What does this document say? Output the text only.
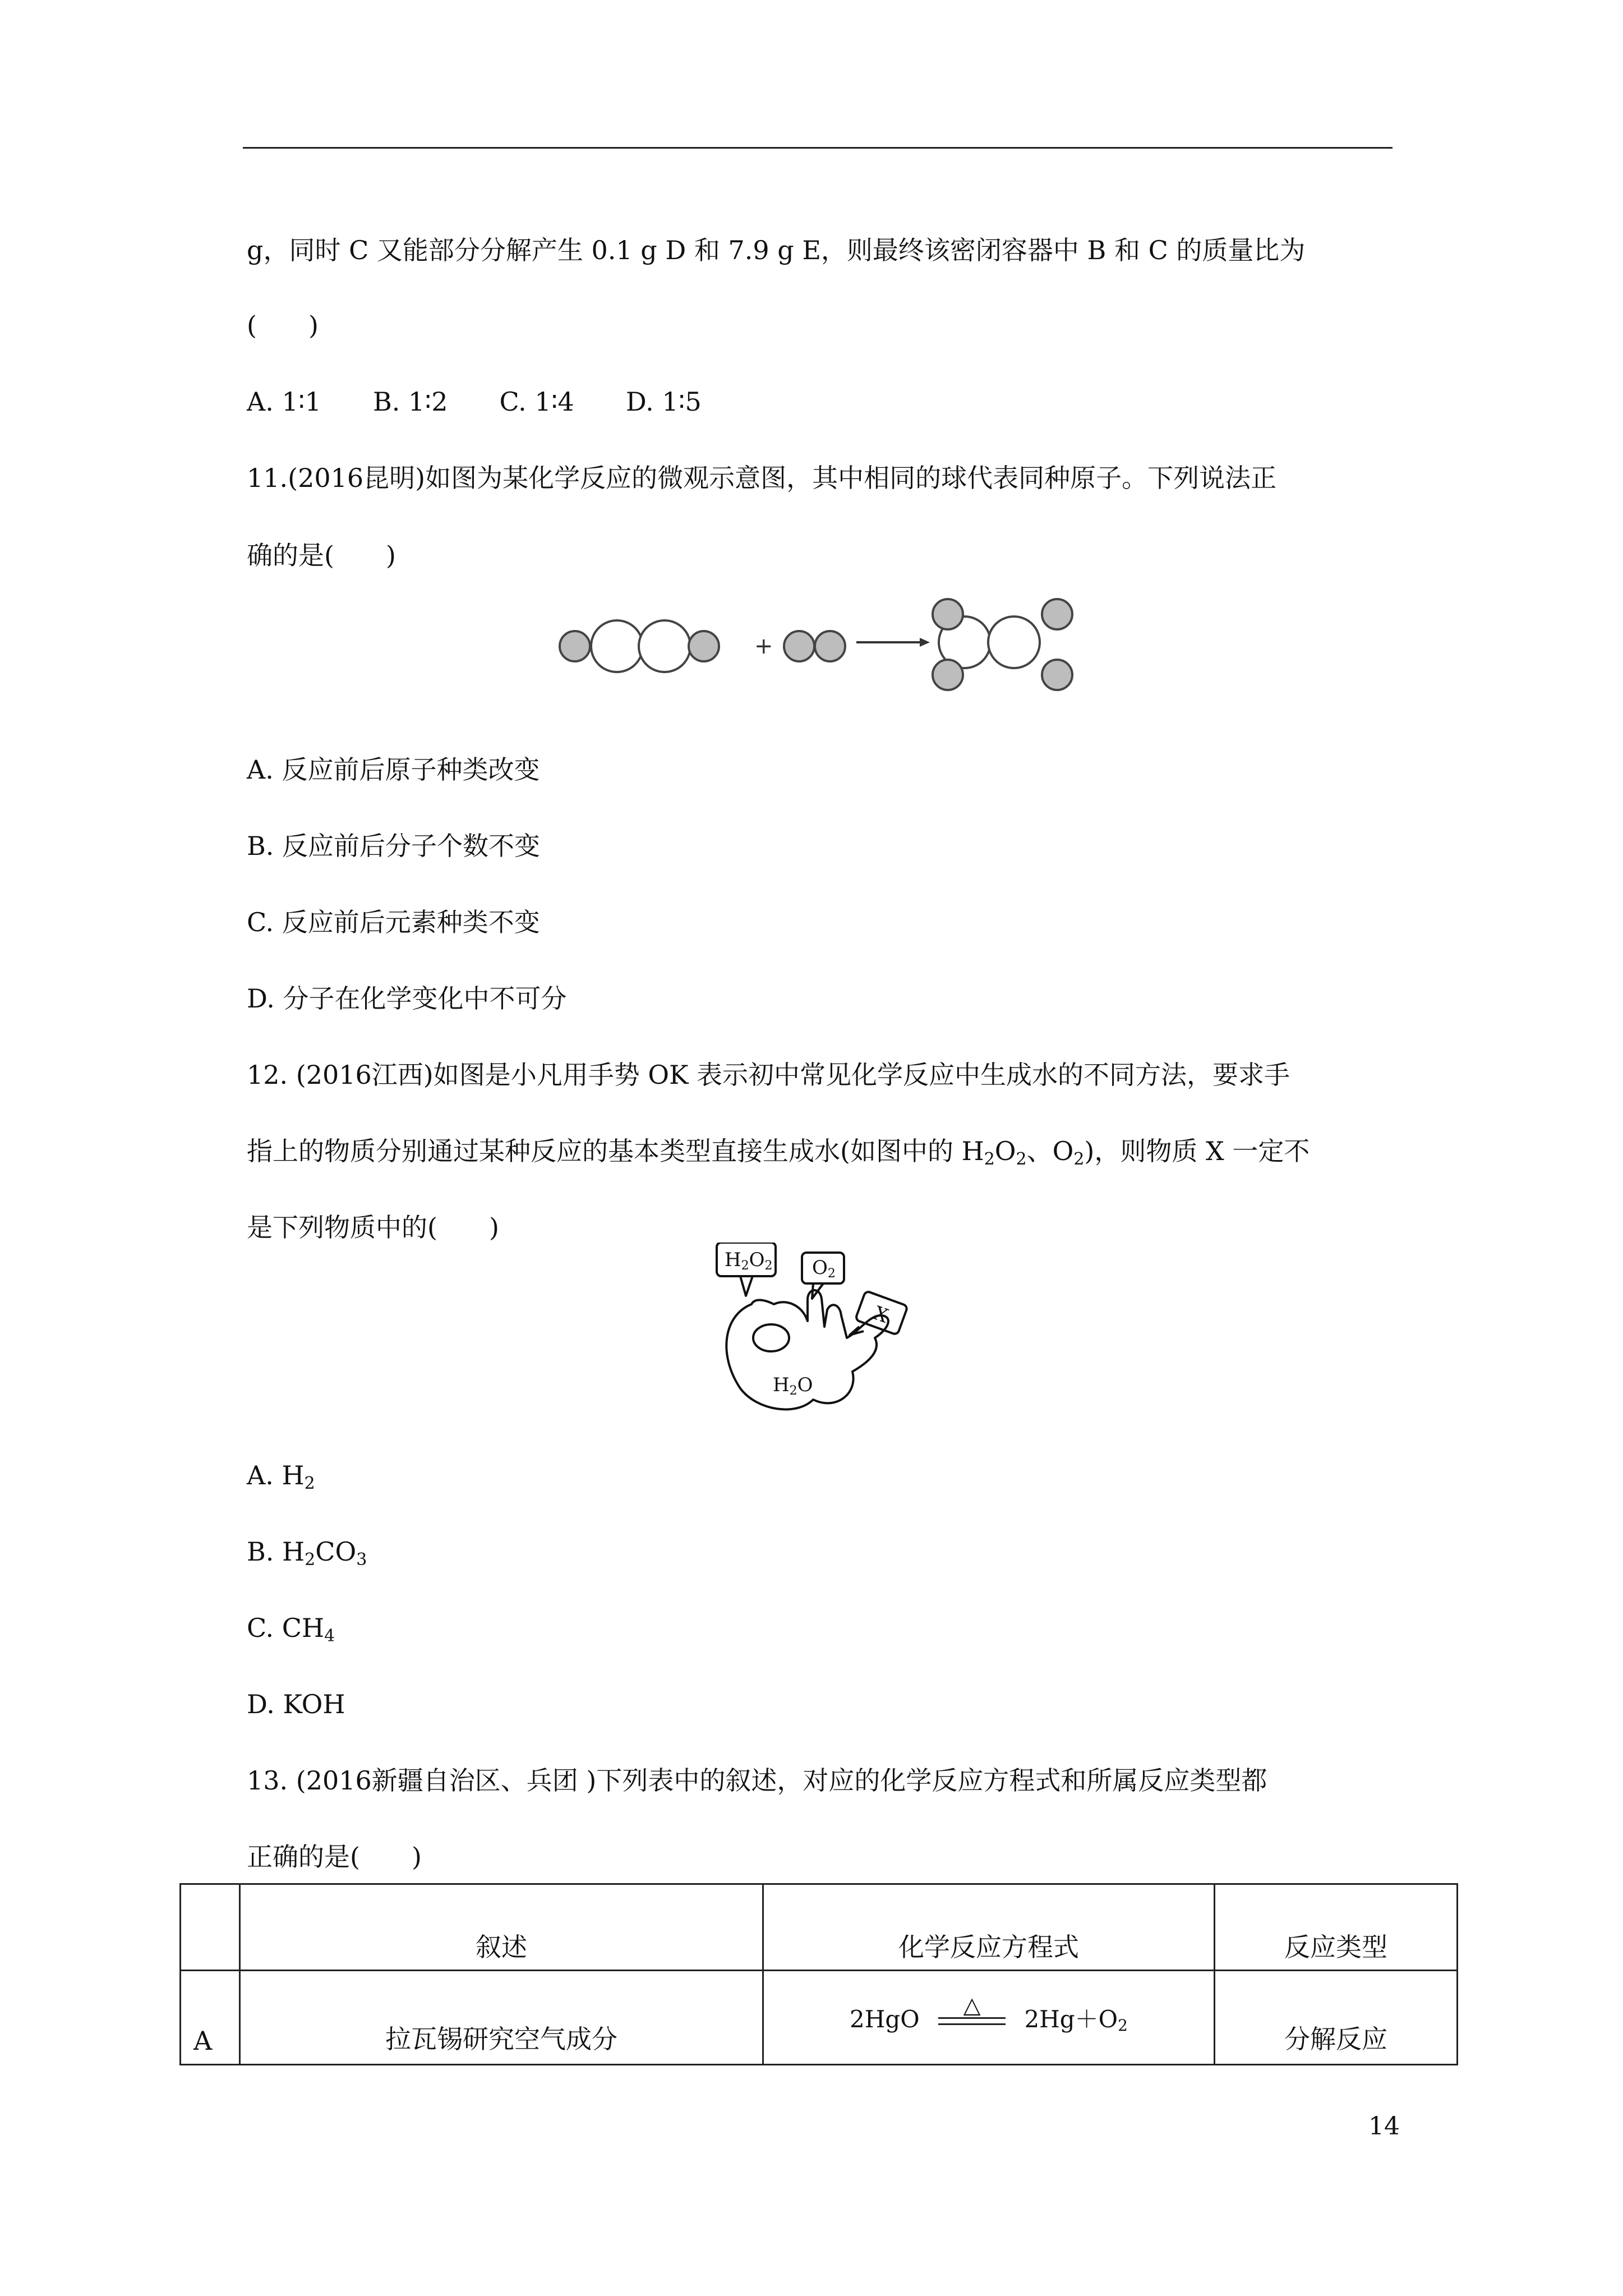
g，同时 C 又能部分分解产生 0.1 g D 和 7.9 g E，则最终该密闭容器中 B 和 C 的质量比为
(　　)
A. 1∶1　　B. 1∶2　　C. 1∶4　　D. 1∶5
11.(2016昆明)如图为某化学反应的微观示意图，其中相同的球代表同种原子。下列说法正
确的是(　　)
+
A. 反应前后原子种类改变
B. 反应前后分子个数不变
C. 反应前后元素种类不变
D. 分子在化学变化中不可分
12. (2016江西)如图是小凡用手势 OK 表示初中常见化学反应中生成水的不同方法，要求手
指上的物质分别通过某种反应的基本类型直接生成水(如图中的 $H_2O_2$、$O_2$)，则物质 X 一定不
是下列物质中的(　　)
H2O2 O2
X
H2O
A. $H_2$
B. $H_2CO_3$
C. $CH_4$
D. KOH
13. (2016新疆自治区、兵团 )下列表中的叙述，对应的化学反应方程式和所属反应类型都
正确的是(　　)
	叙述	化学反应方程式	反应类型
A	拉瓦锡研究空气成分	2HgO △ $2Hg+O_2$	分解反应
14
